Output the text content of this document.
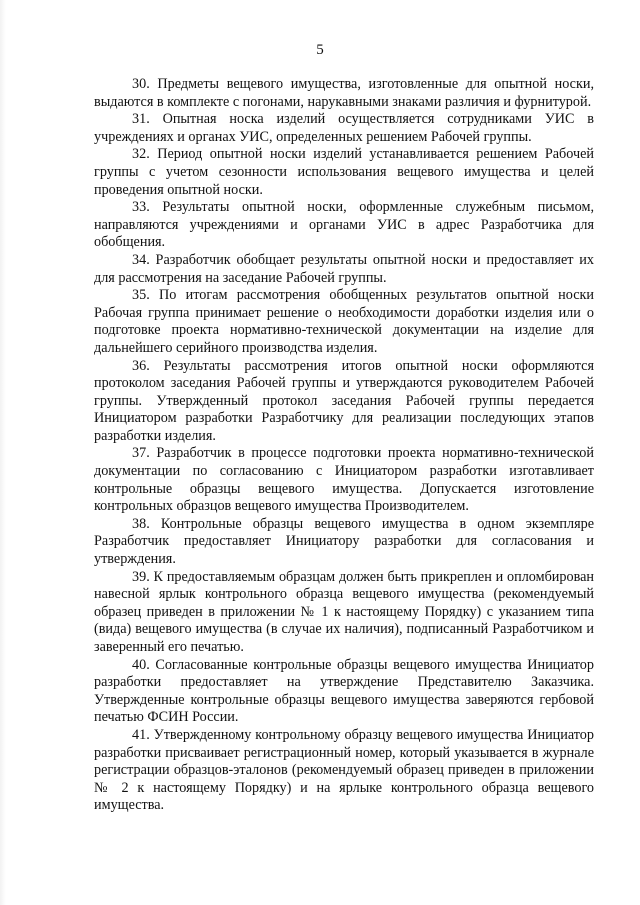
5

30. Предметы вещевого имущества, изготовленные для опытной носки, выдаются в комплекте с погонами, нарукавными знаками различия и фурнитурой.

31. Опытная носка изделий осуществляется сотрудниками УИС в учреждениях и органах УИС, определенных решением Рабочей группы.

32. Период опытной носки изделий устанавливается решением Рабочей группы с учетом сезонности использования вещевого имущества и целей проведения опытной носки.

33. Результаты опытной носки, оформленные служебным письмом, направляются учреждениями и органами УИС в адрес Разработчика для обобщения.

34. Разработчик обобщает результаты опытной носки и предоставляет их для рассмотрения на заседание Рабочей группы.

35. По итогам рассмотрения обобщенных результатов опытной носки Рабочая группа принимает решение о необходимости доработки изделия или о подготовке проекта нормативно-технической документации на изделие для дальнейшего серийного производства изделия.

36. Результаты рассмотрения итогов опытной носки оформляются протоколом заседания Рабочей группы и утверждаются руководителем Рабочей группы. Утвержденный протокол заседания Рабочей группы передается Инициатором разработки Разработчику для реализации последующих этапов разработки изделия.

37. Разработчик в процессе подготовки проекта нормативно-технической документации по согласованию с Инициатором разработки изготавливает контрольные образцы вещевого имущества. Допускается изготовление контрольных образцов вещевого имущества Производителем.

38. Контрольные образцы вещевого имущества в одном экземпляре Разработчик предоставляет Инициатору разработки для согласования и утверждения.

39. К предоставляемым образцам должен быть прикреплен и опломбирован навесной ярлык контрольного образца вещевого имущества (рекомендуемый образец приведен в приложении № 1 к настоящему Порядку) с указанием типа (вида) вещевого имущества (в случае их наличия), подписанный Разработчиком и заверенный его печатью.

40. Согласованные контрольные образцы вещевого имущества Инициатор разработки предоставляет на утверждение Представителю Заказчика. Утвержденные контрольные образцы вещевого имущества заверяются гербовой печатью ФСИН России.

41. Утвержденному контрольному образцу вещевого имущества Инициатор разработки присваивает регистрационный номер, который указывается в журнале регистрации образцов-эталонов (рекомендуемый образец приведен в приложении № 2 к настоящему Порядку) и на ярлыке контрольного образца вещевого имущества.
